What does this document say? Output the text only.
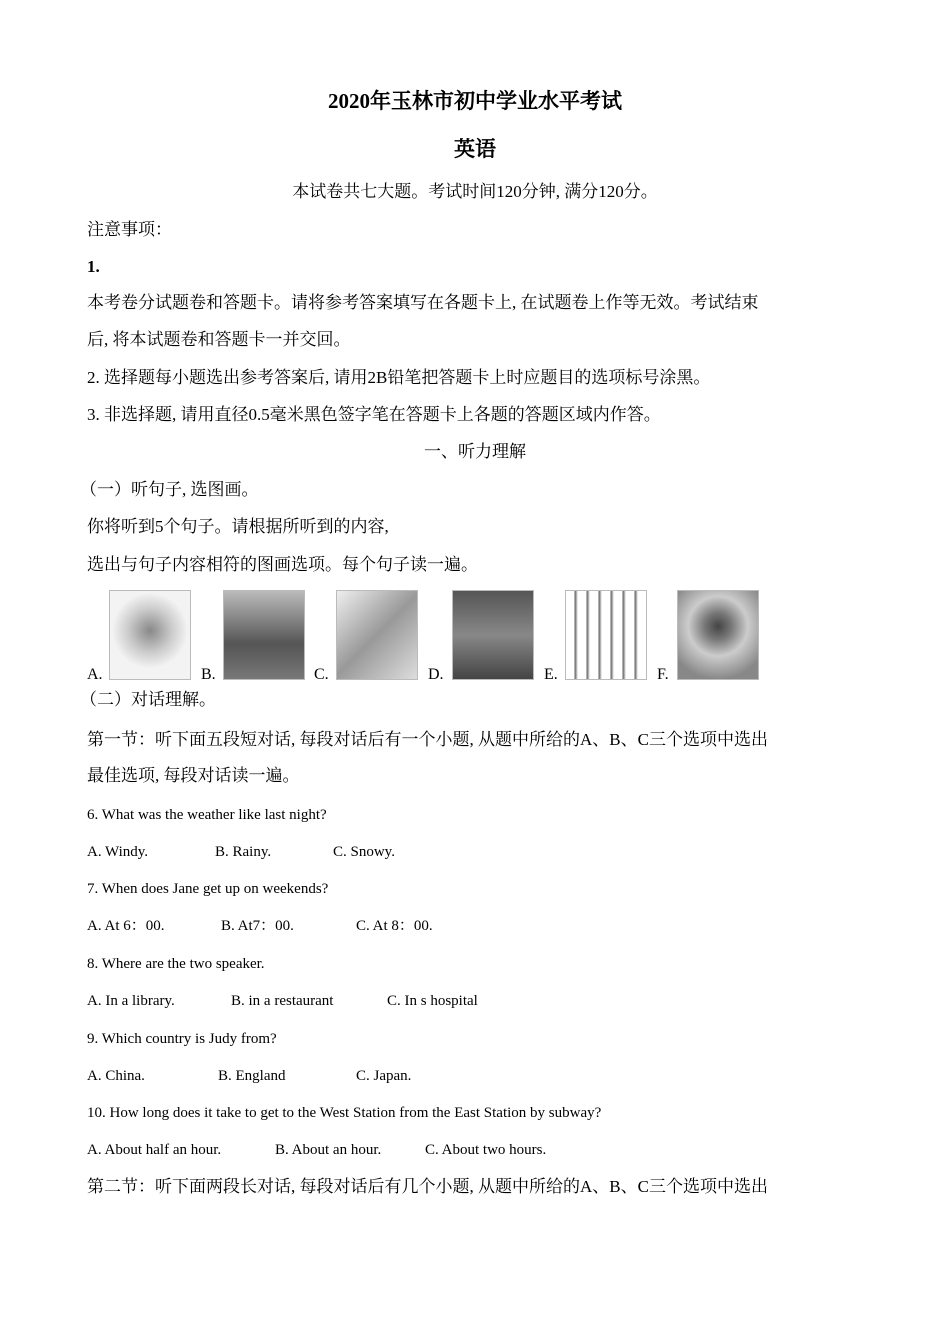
2020年玉林市初中学业水平考试
英语
本试卷共七大题。考试时间120分钟, 满分120分。
注意事项：
1.
本考卷分试题卷和答题卡。请将参考答案填写在各题卡上, 在试题卷上作等无效。考试结束
后, 将本试题卷和答题卡一并交回。
2. 选择题每小题选出参考答案后, 请用2B铅笔把答题卡上时应题目的选项标号涂黑。
3. 非选择题, 请用直径0.5毫米黑色签字笔在答题卡上各题的答题区域内作答。
一、听力理解
（一）听句子, 选图画。
你将听到5个句子。请根据所听到的内容,
选出与句子内容相符的图画选项。每个句子读一遍。
A.	B.	C.	D.	E.	F.
（二）对话理解。
第一节：听下面五段短对话, 每段对话后有一个小题, 从题中所给的A、B、C三个选项中选出
最佳选项, 每段对话读一遍。
6. What was the weather like last night?
A. Windy.	B. Rainy.	C. Snowy.
7. When does Jane get up on weekends?
A. At 6：00.	B. At7：00.	C. At 8：00.
8. Where are the two speaker.
A. In a library.	B. in a restaurant	C. In s hospital
9. Which country is Judy from?
A. China.	B. England	C. Japan.
10. How long does it take to get to the West Station from the East Station by subway?
A. About half an hour.	B. About an hour.	C. About two hours.
第二节：听下面两段长对话, 每段对话后有几个小题, 从题中所给的A、B、C三个选项中选出
